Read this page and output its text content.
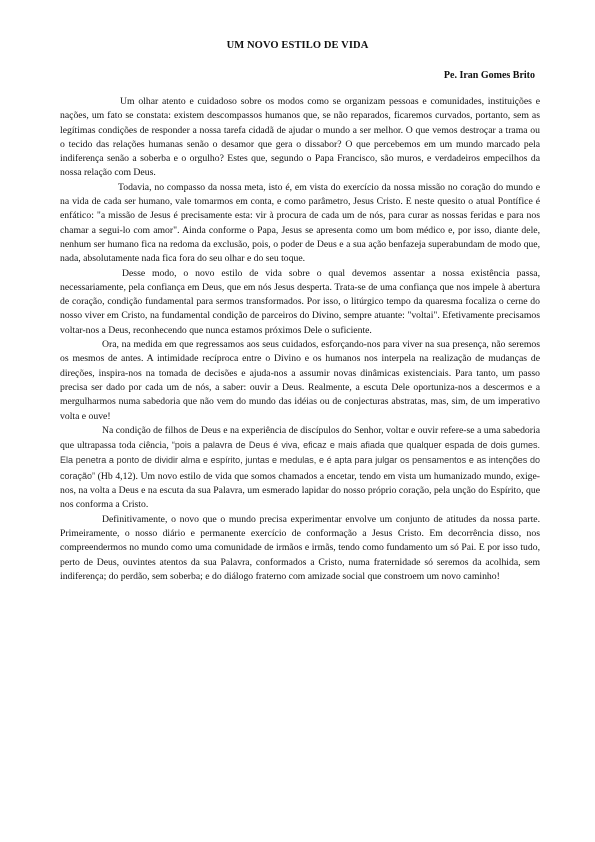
UM NOVO ESTILO DE VIDA
Pe. Iran Gomes Brito

Um olhar atento e cuidadoso sobre os modos como se organizam pessoas e comunidades, instituições e nações, um fato se constata: existem descompassos humanos que, se não reparados, ficaremos curvados, portanto, sem as legítimas condições de responder a nossa tarefa cidadã de ajudar o mundo a ser melhor. O que vemos destroçar a trama ou o tecido das relações humanas senão o desamor que gera o dissabor? O que percebemos em um mundo marcado pela indiferença senão a soberba e o orgulho? Estes que, segundo o Papa Francisco, são muros, e verdadeiros empecilhos da nossa relação com Deus.

Todavia, no compasso da nossa meta, isto é, em vista do exercício da nossa missão no coração do mundo e na vida de cada ser humano, vale tomarmos em conta, e como parâmetro, Jesus Cristo. E neste quesito o atual Pontífice é enfático: "a missão de Jesus é precisamente esta: vir à procura de cada um de nós, para curar as nossas feridas e para nos chamar a segui-lo com amor". Ainda conforme o Papa, Jesus se apresenta como um bom médico e, por isso, diante dele, nenhum ser humano fica na redoma da exclusão, pois, o poder de Deus e a sua ação benfazeja superabundam de modo que, nada, absolutamente nada fica fora do seu olhar e do seu toque.

Desse modo, o novo estilo de vida sobre o qual devemos assentar a nossa existência passa, necessariamente, pela confiança em Deus, que em nós Jesus desperta. Trata-se de uma confiança que nos impele à abertura de coração, condição fundamental para sermos transformados. Por isso, o litúrgico tempo da quaresma focaliza o cerne do nosso viver em Cristo, na fundamental condição de parceiros do Divino, sempre atuante: "voltai". Efetivamente precisamos voltar-nos a Deus, reconhecendo que nunca estamos próximos Dele o suficiente.

Ora, na medida em que regressamos aos seus cuidados, esforçando-nos para viver na sua presença, não seremos os mesmos de antes. A intimidade recíproca entre o Divino e os humanos nos interpela na realização de mudanças de direções, inspira-nos na tomada de decisões e ajuda-nos a assumir novas dinâmicas existenciais. Para tanto, um passo precisa ser dado por cada um de nós, a saber: ouvir a Deus. Realmente, a escuta Dele oportuniza-nos a descermos e a mergulharmos numa sabedoria que não vem do mundo das idéias ou de conjecturas abstratas, mas, sim, de um imperativo volta e ouve!

Na condição de filhos de Deus e na experiência de discípulos do Senhor, voltar e ouvir refere-se a uma sabedoria que ultrapassa toda ciência, “pois a palavra de Deus é viva, eficaz e mais afiada que qualquer espada de dois gumes. Ela penetra a ponto de dividir alma e espírito, juntas e medulas, e é apta para julgar os pensamentos e as intenções do coração” (Hb 4,12). Um novo estilo de vida que somos chamados a encetar, tendo em vista um humanizado mundo, exige-nos, na volta a Deus e na escuta da sua Palavra, um esmerado lapidar do nosso próprio coração, pela unção do Espírito, que nos conforma a Cristo.

Definitivamente, o novo que o mundo precisa experimentar envolve um conjunto de atitudes da nossa parte. Primeiramente, o nosso diário e permanente exercício de conformação a Jesus Cristo. Em decorrência disso, nos compreendermos no mundo como uma comunidade de irmãos e irmãs, tendo como fundamento um só Pai. E por isso tudo, perto de Deus, ouvintes atentos da sua Palavra, conformados a Cristo, numa fraternidade só seremos da acolhida, sem indiferença; do perdão, sem soberba; e do diálogo fraterno com amizade social que constroem um novo caminho!
